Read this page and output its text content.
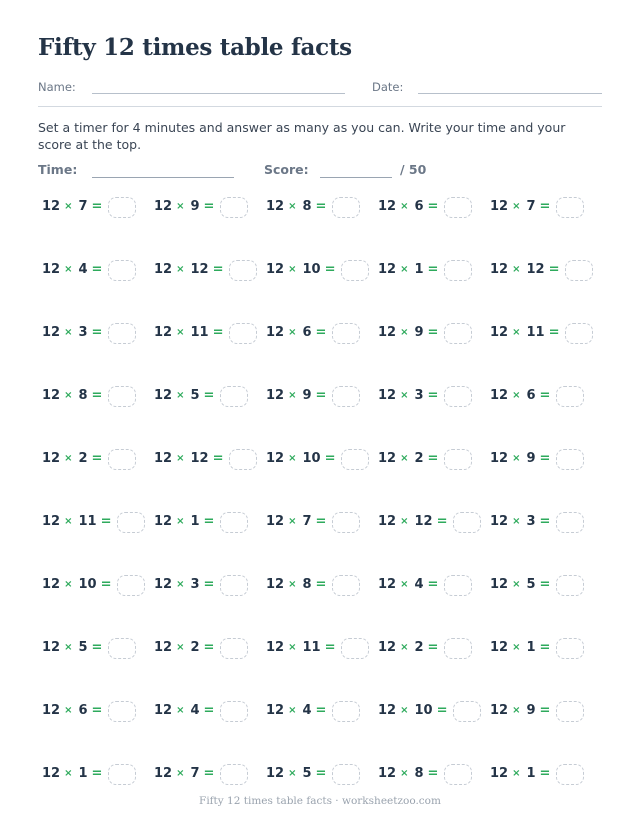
Fifty 12 times table facts
Name:	Date:

Set a timer for 4 minutes and answer as many as you can. Write your time and your score at the top.

Time:	Score:	/ 50
12 × 7 =	12 × 9 =	12 × 8 =	12 × 6 =	12 × 7 =
12 × 4 =	12 × 12 =	12 × 10 =	12 × 1 =	12 × 12 =
12 × 3 =	12 × 11 =	12 × 6 =	12 × 9 =	12 × 11 =
12 × 8 =	12 × 5 =	12 × 9 =	12 × 3 =	12 × 6 =
12 × 2 =	12 × 12 =	12 × 10 =	12 × 2 =	12 × 9 =
12 × 11 =	12 × 1 =	12 × 7 =	12 × 12 =	12 × 3 =
12 × 10 =	12 × 3 =	12 × 8 =	12 × 4 =	12 × 5 =
12 × 5 =	12 × 2 =	12 × 11 =	12 × 2 =	12 × 1 =
12 × 6 =	12 × 4 =	12 × 4 =	12 × 10 =	12 × 9 =
12 × 1 =	12 × 7 =	12 × 5 =	12 × 8 =	12 × 1 =
Fifty 12 times table facts · worksheetzoo.com
